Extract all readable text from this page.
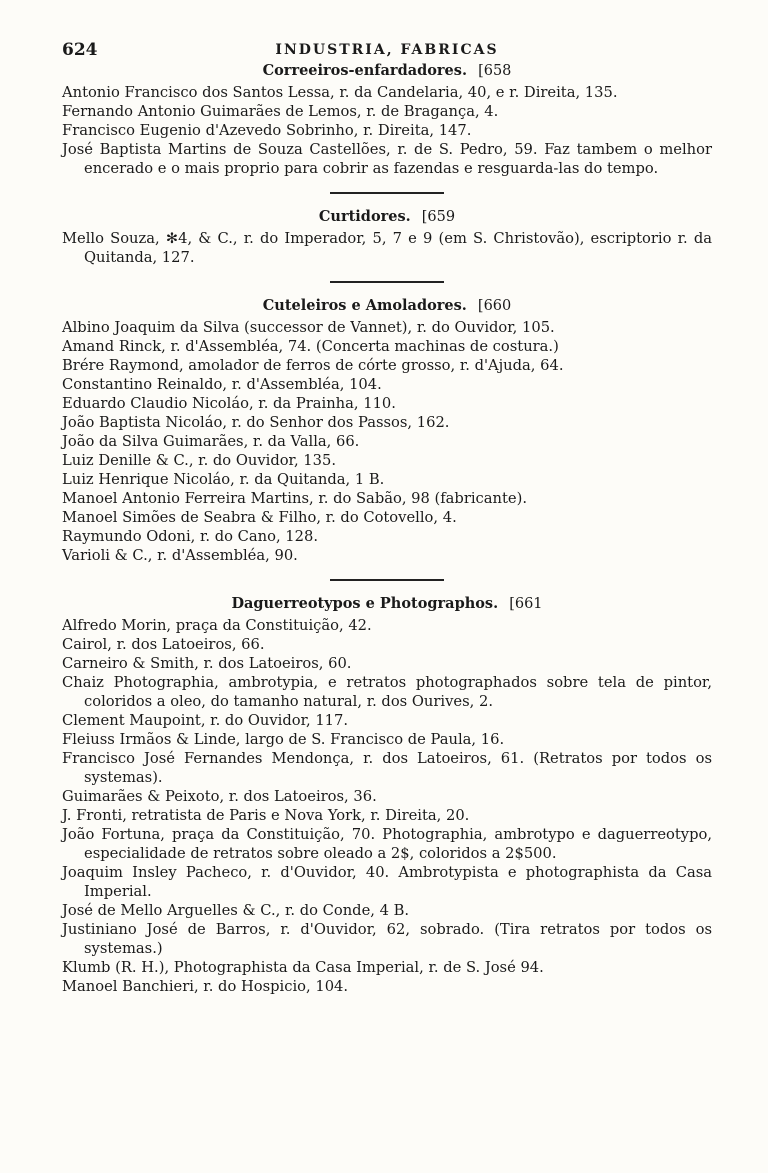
624	INDUSTRIA, FABRICAS
Correeiros-enfardadores. [658
Antonio Francisco dos Santos Lessa, r. da Candelaria, 40, e r. Direita, 135.
Fernando Antonio Guimarães de Lemos, r. de Bragança, 4.
Francisco Eugenio d'Azevedo Sobrinho, r. Direita, 147.
José Baptista Martins de Souza Castellões, r. de S. Pedro, 59. Faz tambem o melhor encerado e o mais proprio para cobrir as fazendas e resguarda-las do tempo.
Curtidores. [659
Mello Souza, ✻4, & C., r. do Imperador, 5, 7 e 9 (em S. Christovão), escriptorio r. da Quitanda, 127.
Cuteleiros e Amoladores. [660
Albino Joaquim da Silva (successor de Vannet), r. do Ouvidor, 105.
Amand Rinck, r. d'Assembléa, 74. (Concerta machinas de costura.)
Brére Raymond, amolador de ferros de córte grosso, r. d'Ajuda, 64.
Constantino Reinaldo, r. d'Assembléa, 104.
Eduardo Claudio Nicoláo, r. da Prainha, 110.
João Baptista Nicoláo, r. do Senhor dos Passos, 162.
João da Silva Guimarães, r. da Valla, 66.
Luiz Denille & C., r. do Ouvidor, 135.
Luiz Henrique Nicoláo, r. da Quitanda, 1 B.
Manoel Antonio Ferreira Martins, r. do Sabão, 98 (fabricante).
Manoel Simões de Seabra & Filho, r. do Cotovello, 4.
Raymundo Odoni, r. do Cano, 128.
Varioli & C., r. d'Assembléa, 90.
Daguerreotypos e Photographos. [661
Alfredo Morin, praça da Constituição, 42.
Cairol, r. dos Latoeiros, 66.
Carneiro & Smith, r. dos Latoeiros, 60.
Chaiz Photographia, ambrotypia, e retratos photographados sobre tela de pintor, coloridos a oleo, do tamanho natural, r. dos Ourives, 2.
Clement Maupoint, r. do Ouvidor, 117.
Fleiuss Irmãos & Linde, largo de S. Francisco de Paula, 16.
Francisco José Fernandes Mendonça, r. dos Latoeiros, 61. (Retratos por todos os systemas).
Guimarães & Peixoto, r. dos Latoeiros, 36.
J. Fronti, retratista de Paris e Nova York, r. Direita, 20.
João Fortuna, praça da Constituição, 70. Photographia, ambrotypo e daguerreotypo, especialidade de retratos sobre oleado a 2$, coloridos a 2$500.
Joaquim Insley Pacheco, r. d'Ouvidor, 40. Ambrotypista e photographista da Casa Imperial.
José de Mello Arguelles & C., r. do Conde, 4 B.
Justiniano José de Barros, r. d'Ouvidor, 62, sobrado. (Tira retratos por todos os systemas.)
Klumb (R. H.), Photographista da Casa Imperial, r. de S. José 94.
Manoel Banchieri, r. do Hospicio, 104.
